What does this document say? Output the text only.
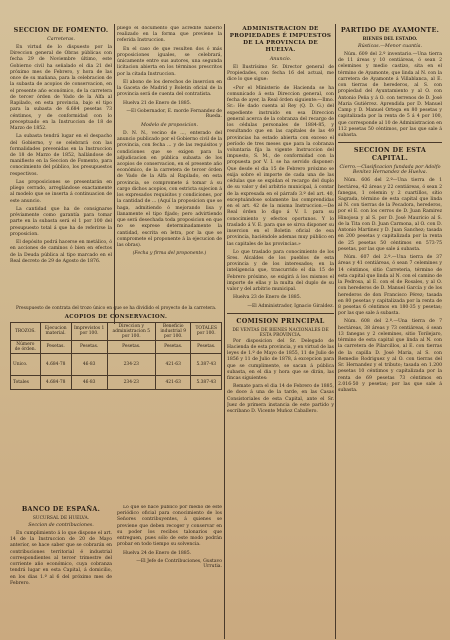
SECCION DE FOMENTO.
Carreteras.

En virtud de lo dispuesto por la Direccion general de Obras públicas con fecha 29 de Noviembre último, este Gobierno civil ha señalado el dia 21 del próximo mes de Febrero, y hora de las once de su mañana, para la celebracion de la subasta de acopios de conservacion, en el presente año económico, de la carretera de tercer órden de Vado de la Alfa al Rapilado, en esta provincia, bajo el tipo para la subasta de 6.684 pesetas 73 céntimos, y de conformidad con lo preceptuado en la Instruccion de 18 de Marzo de 1852.

La subasta tendrá lugar en el despacho del Gobierno, y se celebrará con las formalidades prevenidas en la Instruccion de 18 de Marzo de 1852, hallándose de manifiesto en la Seccion de Fomento, para conocimiento del público, los presupuestos respectivos.

Las proposiciones se presentarán en pliego cerrado, arreglándose exactamente al modelo que se inserta á continuacion de este anuncio.

La cantidad que ha de consignarse préviamente como garantía para tomar parte en la subasta será el 1 por 100 del presupuesto total á que ha de referirse la proposicion.

El depósito podrá hacerse en metálico, ó en acciones de caminos ó bien en efectos de la Deuda pública al tipo marcado en el Real decreto de 29 de Agosto de 1876.

pliego el documento que acredite haberlo realizado en la forma que previene la referida Instruccion.

En el caso de que resulten dos ó más proposiciones iguales, se celebrará, únicamente entre sus autores, una segunda licitacion abierta en los términos prescritos por la citada Instruccion.

El abono de los derechos de insercion en la Gaceta de Madrid y Boletin oficial de la provincia será de cuenta del contratista.

Huelva 21 de Enero de 1885.

—El Gobernador, E. morde Fernandez de Rueda.
Modelo de proposicion.

D. N. N., vecino de ..., enterado del anuncio publicado por el Gobierno civil de la provincia, con fecha ... y de las requisitos y condiciones que se exigen para la adjudicacion en pública subasta de los acopios de conservacion, en el presente año económico, de la carretera de tercer órden de Vado de la Alfa al Rapilado, en esta provincia, se compromete á tomar á su cargo dichos acopios, con estricta sujecion á los expresados requisitos y condiciones, por la cantidad de ... (Aquí la proposicion que se haga, admitiendo ó mejorando lisa y llanamente el tipo fijado; pero advirtiendo que será desechada toda proposicion en que no se exprese determinadamente la cantidad, escrita en letra, por la que se compromete el proponente á la ejecucion de las obras).

(Fecha y firma del proponente.)

Presupuesto de contrata del trozo único en que se ha dividido el proyecto de la carretera.

ACOPIOS DE CONSERVACION.
TROZOS.	Ejecucion material.	Imprevistos 1 por 100.	Direccion y administracion 5 por 100.	Beneficio industrial 9 por 100.	TOTALES por 100.
Número de órden.	Pesetas.	Pesetas.	Pesetas.	Pesetas.	Pesetas.
Unico.	4.684·78	46·83	234·23	421·63	5.387·43
Totales	4.684·78	46·83	234·23	421·63	5.387·43
BANCO DE ESPAÑA.
SUCURSAL DE HUELVA.
Seccion de contribuciones.

En cumplimiento á lo que dispone el art. 14 de la Instruccion de 20 de Mayo anterior, se hace saber que se cobrarán en contribuciones territorial é industrial correspondientes al tercer trimestre del corriente año económico, cuya cobranza tendrá lugar en esta Capital, á domicilio, en los dias 1.º al 6 del próximo mes de Febrero.

Lo que se hace público por medio de este periódico oficial para conocimiento de los Señores contribuyentes, á quienes se previene que deben recoger y conservar en su poder los recibos talonarios que entreguen, pues sólo de este modo podrán probar en todo tiempo su solvencia.

Huelva 24 de Enero de 1885.

—El Jefe de Contribuciones, Gustavo Urrutia.
ADMINISTRACION DE PROPIEDADES É IMPUESTOS DE LA PROVINCIA DE HUELVA.
Anuncio.

El Ilustrísimo Sr. Director general de Propiedades, con fecha 16 del actual, me dice lo que sigue:

«Por el Ministerio de Hacienda se ha comunicado á esta Direccion general, con fecha de ayer, la Real órden siguiente:—Ilmo. Sr.: He dado cuenta al Rey (Q. D. G.) del expediente instruido en esa Direccion general acerca de la cobranza del recargo de los cédulas personales de 1884-85, y resultando que en las capitales de las 49 provincias ha estado abierta con exceso el período de tres meses que para la cobranza voluntaria fija la vigente Instruccion del impuesto, S. M., de conformidad con la propuesta por V. I. se ha servido disponer: Que desde el dia 15 de Febrero próximo se exija sobre el importe de cada una de las cédulas que se expidan el recargo del duplo de su valor y del arbitrio municipal, á contar de la expresada en el párrafo 3.º del art. 40, exceptuándose solamente las comprendidas en el art. 42 de la misma Instruccion.—De Real órden lo digo á V. I. para su conocimiento y efectos oportunos. Y lo traslado á V. E. para que se sirva disponer su insercion en el Boletin oficial de esa provincia, haciéndole ademas muy público en las capitales de las provincias.»

Lo que traslado para conocimiento de los Sres. Alcaldes de los pueblos de esta provincia y de los interesados; en la inteligencia que, trascurrido el dia 15 de Febrero próximo, se exigirá á los mismos el importe de ellas y la multa del duplo de su valor y del arbitrio municipal.

Huelva 23 de Enero de 1885.

—El Administrador, Ignacio Giraldez.
COMISION PRINCIPAL
DE VENTAS DE BIENES NACIONALES DE ESTA PROVINCIA.

Por disposicion del Sr. Delegado de Hacienda de esta provincia, y en virtud de las leyes de 1.º de Mayo de 1855, 11 de Julio de 1856 y 11 de Julio de 1878, á excepcion para que se cumplimente, se sacan á pública subasta, en el dia y hora que se dirán, las fincas siguientes:

Remate para el dia 14 de Febrero de 1885, de doce á una de la tarde, en las Casas Consistoriales de esta Capital, ante el Sr. Juez de primera instancia de este partido y escribano D. Vicente Muñoz Caballero.

PARTIDO DE AYAMONTE.
BIENES DEL ESTADO.
Rústicas.—Menor cuantía.

Núm. 609 del 2.º inventario.—Una tierra de 11 áreas y 10 centiáreas, ó sean 2 celemines y medio castizo, sita en el término de Ayamonte, que linda al N. con la carretera de Ayamonte á Villablanca, al E. con tierras de herederos, al S. con propiedad del Ayuntamiento y al O. con Antonio Peña y á O. con terrenos de D. José Maria Gutiérrez. Aprendida por D. Manuel Camp y D. Manuel Ortega en 80 pesetas y capitalizada por la renta de 5 á 4 por 100, que corresponde al 10 de Administracion en 112 pesetas 50 céntimos, por las que sale á subasta.

SECCION DE ESTA CAPITAL.
Cierro.—Clasificacion fundada por Adolfo Benitez Hernandez de Huelva.

Núm. 606 del 2.º—Una tierra de 1 hectárea, 42 áreas y 22 centiáreas, ó sean 2 fanegas, 1 celemin y 2 cuartillos, sitio Sagrada, término de esta capital que linda al N. con tierras de la Pecadora, herederos, por el E. con los cerros de D. Juan Ramirez Hinojosa y al S. por D. José Mauricio al S. de la Tita con D. Juan Carmona, al O. con D. Antonio Martinez y D. Juan Sanchez; tasada en 200 pesetas y capitalizada por la renta de 25 pesetas 50 céntimos en 573·75 pesetas, por las que sale á subasta.

Núm. 607 del 2.º.—Una tierra de 37 áreas y 41 centiáreas, ó sean 7 celemines y 14 céntimos, sitio Carreteria, término de esta capital que linda al N. con el camino de la Pedrosa, al E. con el de Rosales, y al O. con herederos de D. Manuel García y de los herederos de don Francisco Pérez; tasada en 80 pesetas y capitalizada por la renta de 8 pesetas 6 céntimos en 180·35 y pesetas; por las que sale á subasta.

Núm. 608 del 2.º.—Una tierra de 7 hectáreas, 38 áreas y 73 centiáreas, ó sean 13 fanegas y 2 celemines, sitio Torilejaro, término de esta capital que linda al N. con la carretera de Pilarcillos, al E. con tierras de la capilla D. José Maria, al S. con Remedio Rodriguez y al O. con tierras del Sr. Hernandez y el tributo; tasada en 1.200 pesetas 10 céntimos y capitalizada por la renta de 69 pesetas 73 céntimos en 2.016·50 y pesetas; por las que sale á subasta.
